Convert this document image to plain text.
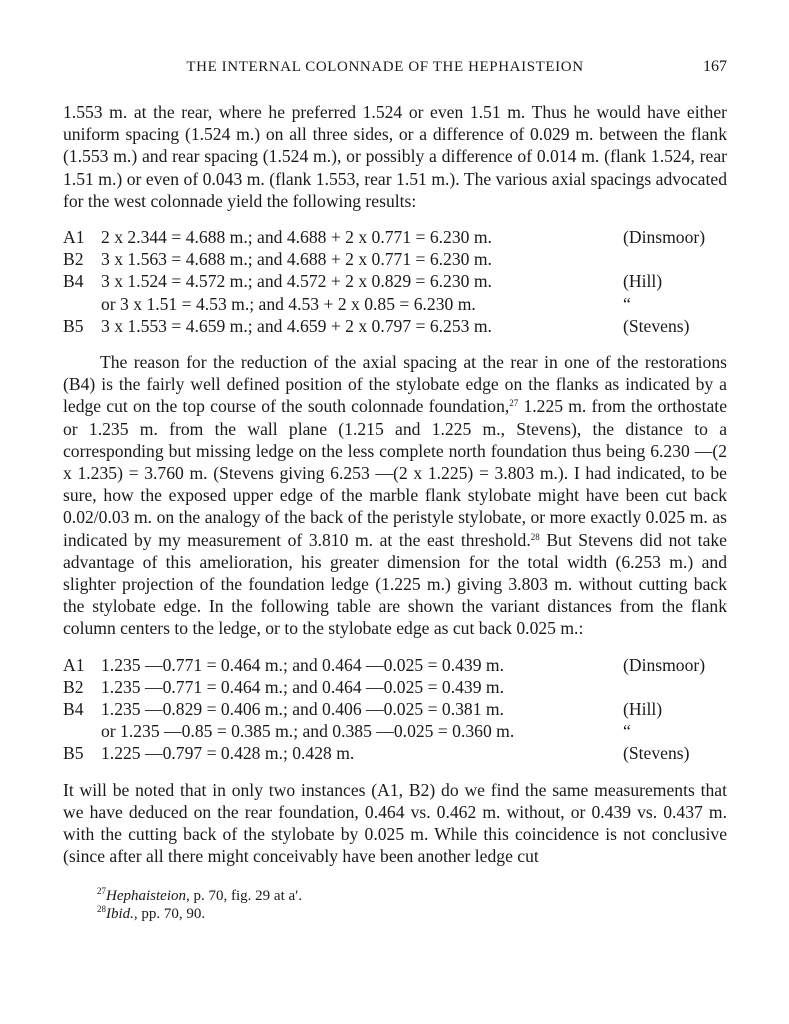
THE INTERNAL COLONNADE OF THE HEPHAISTEION	167

1.553 m. at the rear, where he preferred 1.524 or even 1.51 m. Thus he would have either uniform spacing (1.524 m.) on all three sides, or a difference of 0.029 m. between the flank (1.553 m.) and rear spacing (1.524 m.), or possibly a difference of 0.014 m. (flank 1.524, rear 1.51 m.) or even of 0.043 m. (flank 1.553, rear 1.51 m.). The various axial spacings advocated for the west colonnade yield the following results:

A1	2 x 2.344 = 4.688 m.; and 4.688 + 2 x 0.771 = 6.230 m.	(Dinsmoor)
B2	3 x 1.563 = 4.688 m.; and 4.688 + 2 x 0.771 = 6.230 m.	
B4	3 x 1.524 = 4.572 m.; and 4.572 + 2 x 0.829 = 6.230 m.	(Hill)
	or 3 x 1.51 = 4.53 m.; and 4.53 + 2 x 0.85 = 6.230 m.	“
B5	3 x 1.553 = 4.659 m.; and 4.659 + 2 x 0.797 = 6.253 m.	(Stevens)

The reason for the reduction of the axial spacing at the rear in one of the restorations (B4) is the fairly well defined position of the stylobate edge on the flanks as indicated by a ledge cut on the top course of the south colonnade foundation,$^{27}$ 1.225 m. from the orthostate or 1.235 m. from the wall plane (1.215 and 1.225 m., Stevens), the distance to a corresponding but missing ledge on the less complete north foundation thus being 6.230 —(2 x 1.235) = 3.760 m. (Stevens giving 6.253 —(2 x 1.225) = 3.803 m.). I had indicated, to be sure, how the exposed upper edge of the marble flank stylobate might have been cut back 0.02/0.03 m. on the analogy of the back of the peristyle stylobate, or more exactly 0.025 m. as indicated by my measurement of 3.810 m. at the east threshold.$^{28}$ But Stevens did not take advantage of this amelioration, his greater dimension for the total width (6.253 m.) and slighter projection of the foundation ledge (1.225 m.) giving 3.803 m. without cutting back the stylobate edge. In the following table are shown the variant distances from the flank column centers to the ledge, or to the stylobate edge as cut back 0.025 m.:

A1	1.235 —0.771 = 0.464 m.; and 0.464 —0.025 = 0.439 m.	(Dinsmoor)
B2	1.235 —0.771 = 0.464 m.; and 0.464 —0.025 = 0.439 m.	
B4	1.235 —0.829 = 0.406 m.; and 0.406 —0.025 = 0.381 m.	(Hill)
	or 1.235 —0.85 = 0.385 m.; and 0.385 —0.025 = 0.360 m.	“
B5	1.225 —0.797 = 0.428 m.; 0.428 m.	(Stevens)

It will be noted that in only two instances (A1, B2) do we find the same measurements that we have deduced on the rear foundation, 0.464 vs. 0.462 m. without, or 0.439 vs. 0.437 m. with the cutting back of the stylobate by 0.025 m. While this coincidence is not conclusive (since after all there might conceivably have been another ledge cut

$^{27}$Hephaisteion, p. 70, fig. 29 at a′.
$^{28}$Ibid., pp. 70, 90.
